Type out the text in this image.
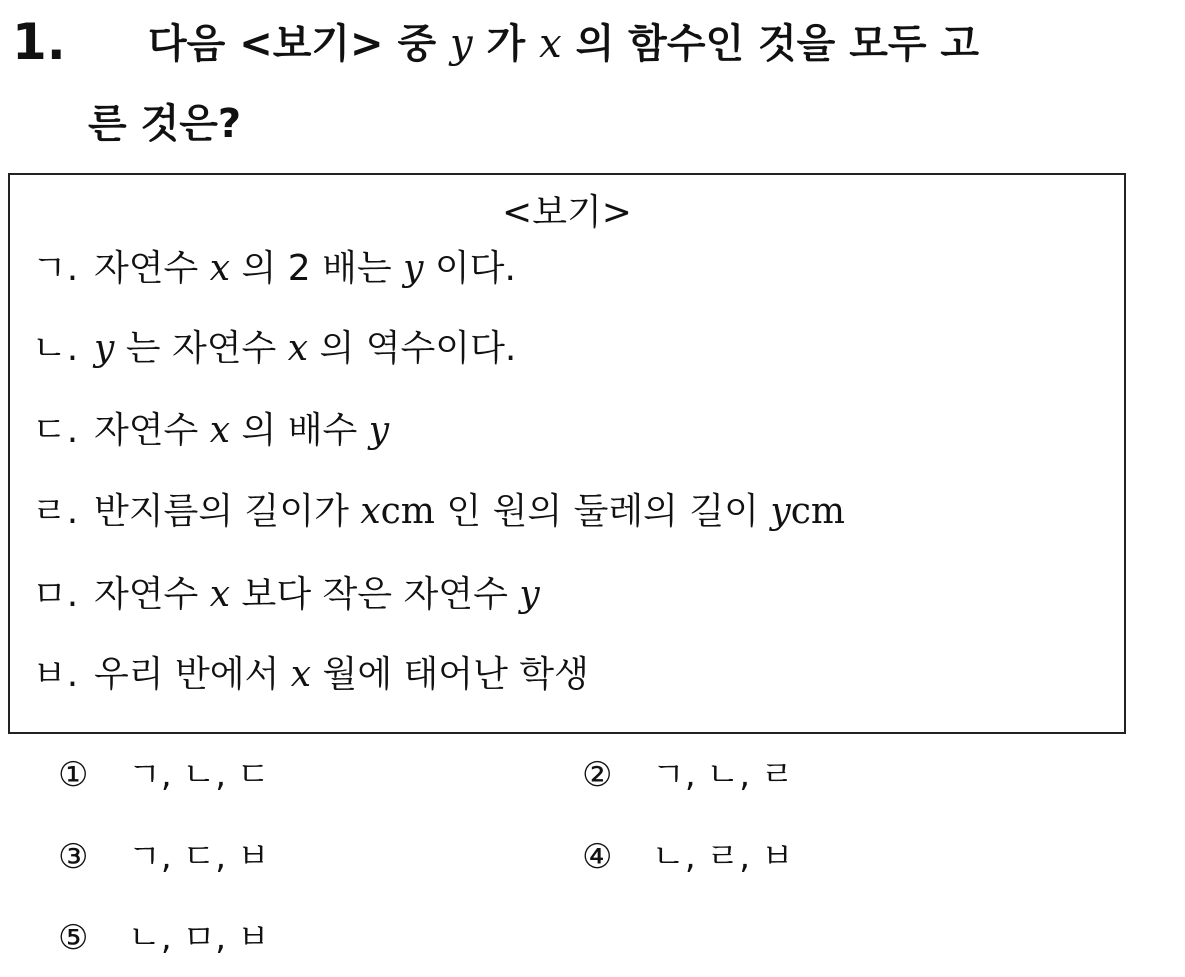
1. 다음 <보기> 중 y 가 x 의 함수인 것을 모두 고
른 것은?
<보기>
ㄱ. 자연수 x 의 2 배는 y 이다.
ㄴ. y 는 자연수 x 의 역수이다.
ㄷ. 자연수 x 의 배수 y
ㄹ. 반지름의 길이가 xcm 인 원의 둘레의 길이 ycm
ㅁ. 자연수 x 보다 작은 자연수 y
ㅂ. 우리 반에서 x 월에 태어난 학생
① ㄱ, ㄴ, ㄷ	② ㄱ, ㄴ, ㄹ
③ ㄱ, ㄷ, ㅂ	④ ㄴ, ㄹ, ㅂ
⑤ ㄴ, ㅁ, ㅂ
